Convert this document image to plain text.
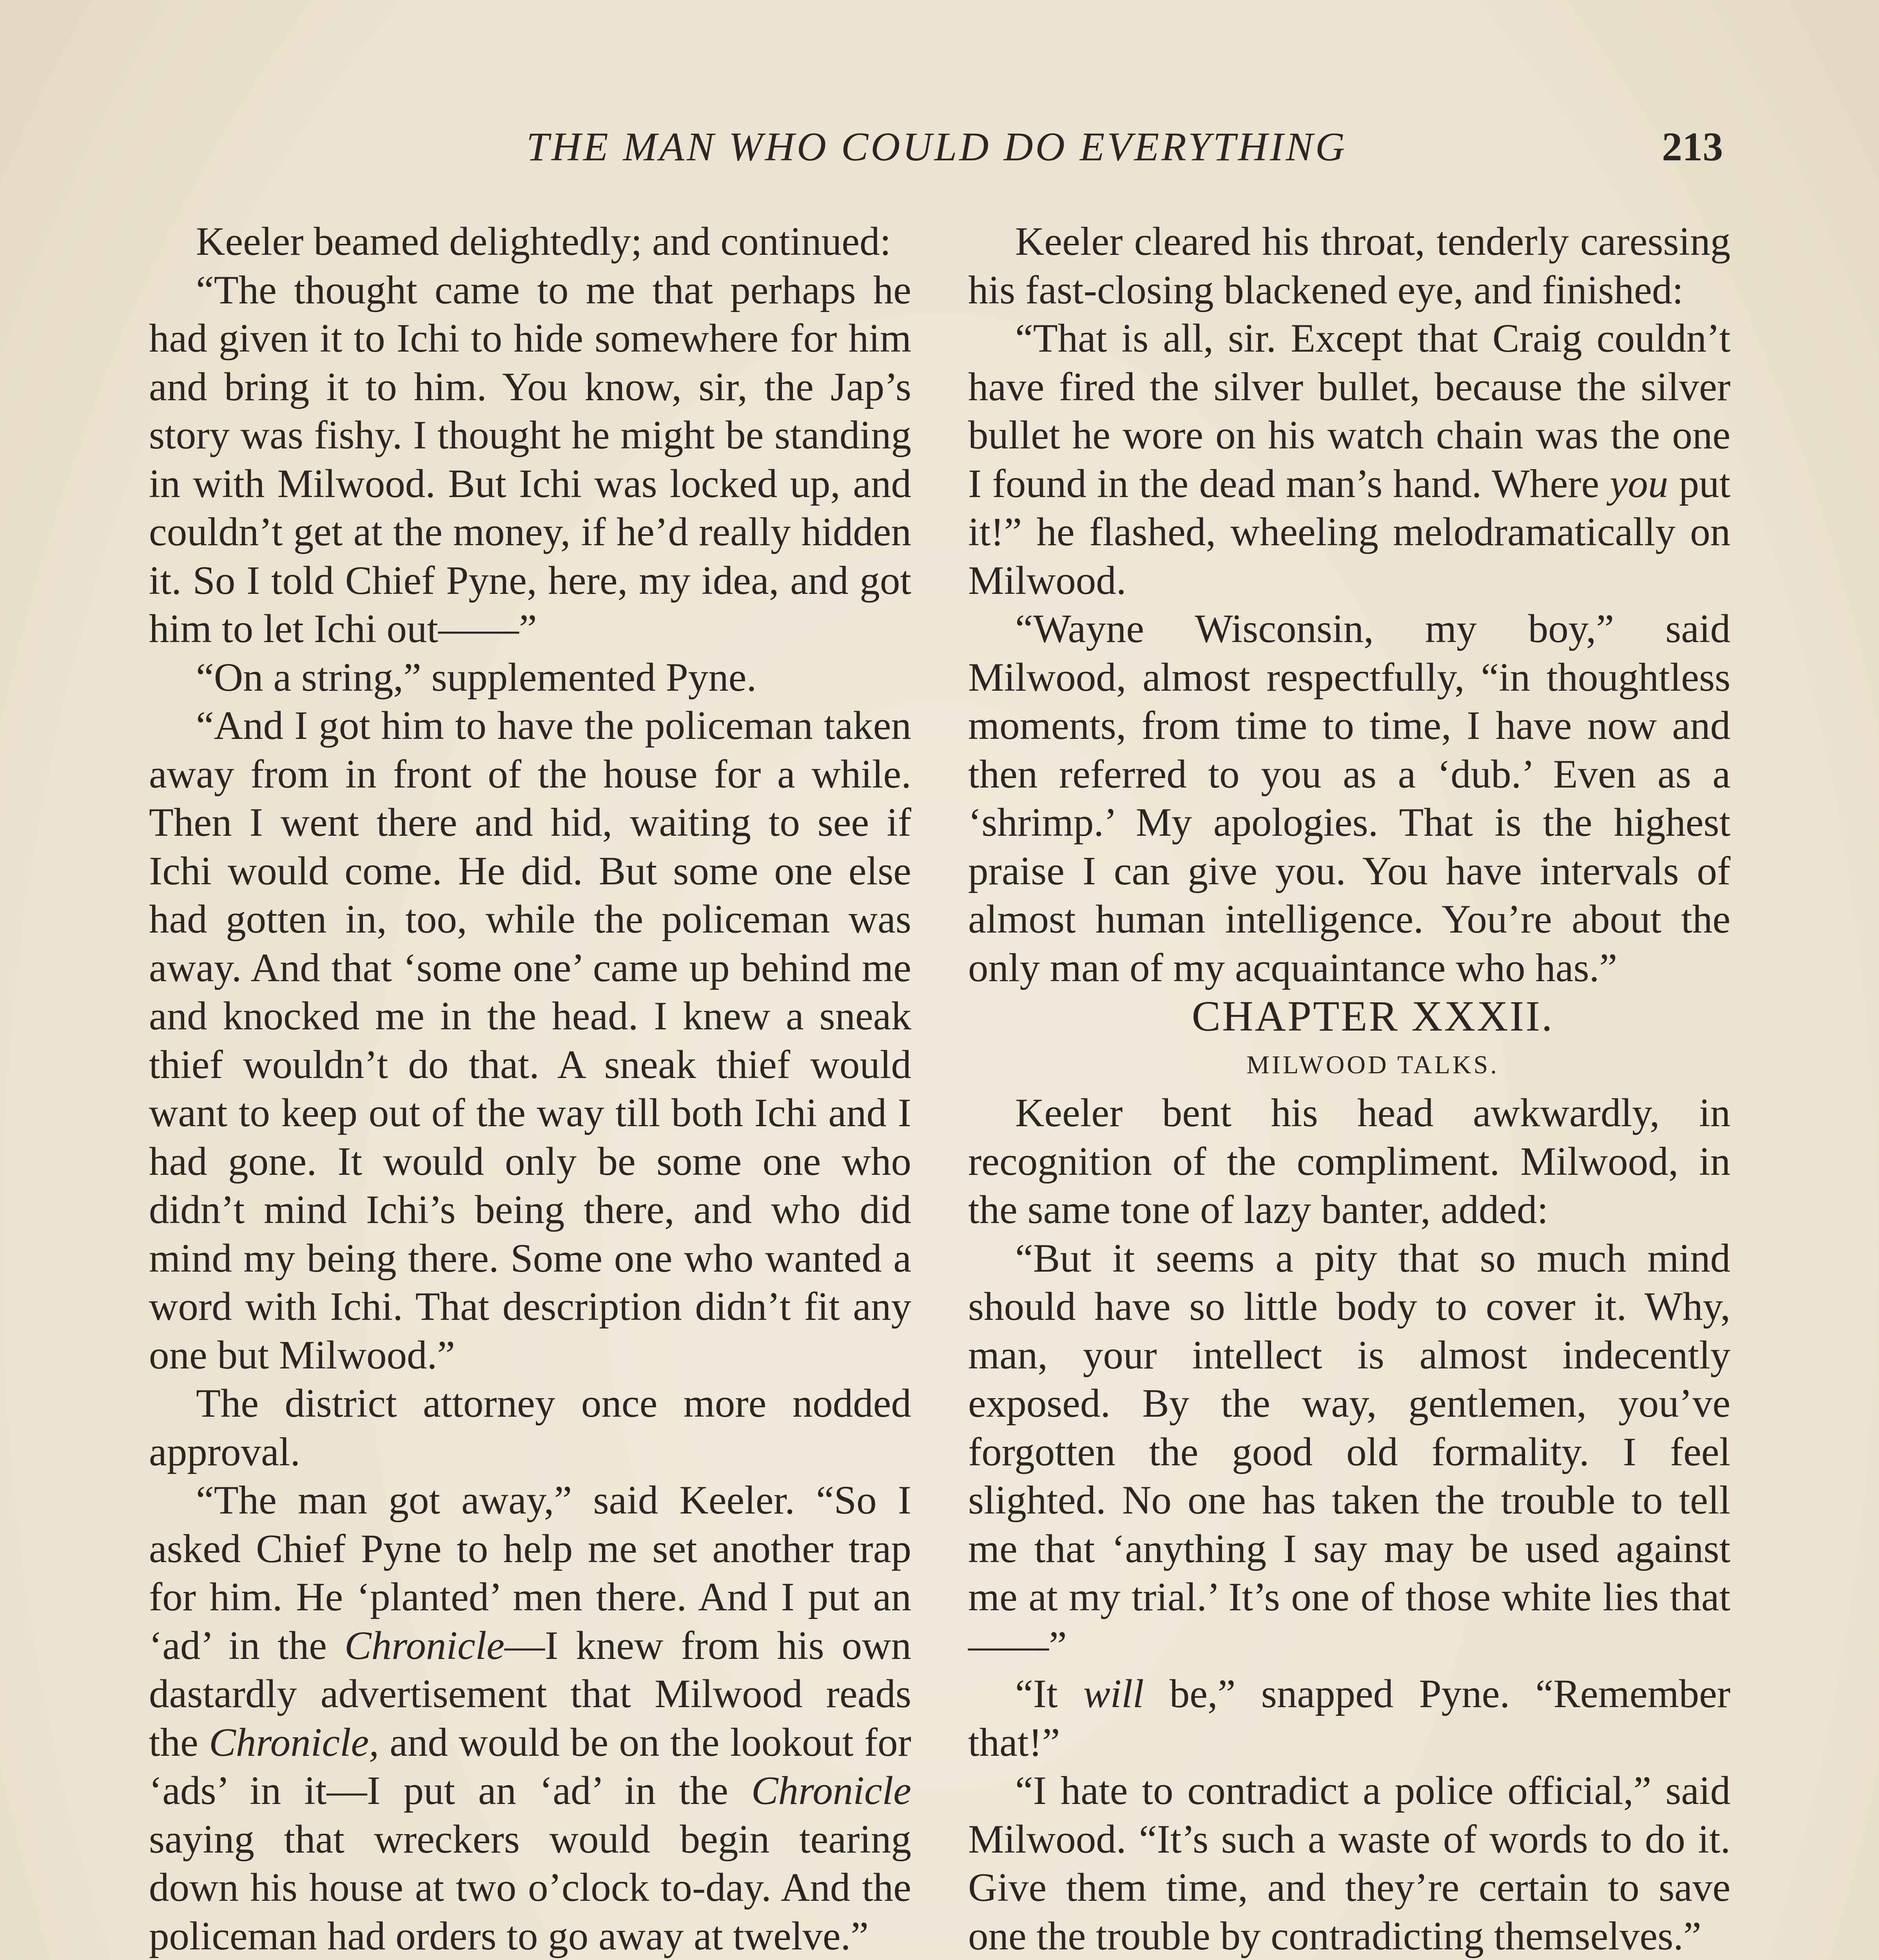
THE MAN WHO COULD DO EVERYTHING	213

Keeler beamed delightedly; and continued:

“The thought came to me that perhaps he had given it to Ichi to hide somewhere for him and bring it to him. You know, sir, the Jap’s story was fishy. I thought he might be standing in with Milwood. But Ichi was locked up, and couldn’t get at the money, if he’d really hidden it. So I told Chief Pyne, here, my idea, and got him to let Ichi out——”

“On a string,” supplemented Pyne.

“And I got him to have the policeman taken away from in front of the house for a while. Then I went there and hid, waiting to see if Ichi would come. He did. But some one else had gotten in, too, while the policeman was away. And that ‘some one’ came up behind me and knocked me in the head. I knew a sneak thief wouldn’t do that. A sneak thief would want to keep out of the way till both Ichi and I had gone. It would only be some one who didn’t mind Ichi’s being there, and who did mind my being there. Some one who wanted a word with Ichi. That description didn’t fit any one but Milwood.”

The district attorney once more nodded approval.

“The man got away,” said Keeler. “So I asked Chief Pyne to help me set another trap for him. He ‘planted’ men there. And I put an ‘ad’ in the Chronicle—I knew from his own dastardly advertisement that Milwood reads the Chronicle, and would be on the lookout for ‘ads’ in it—I put an ‘ad’ in the Chronicle saying that wreckers would begin tearing down his house at two o’clock to-day. And the policeman had orders to go away at twelve.”

Keeler cleared his throat, tenderly caressing his fast-closing blackened eye, and finished:

“That is all, sir. Except that Craig couldn’t have fired the silver bullet, because the silver bullet he wore on his watch chain was the one I found in the dead man’s hand. Where you put it!” he flashed, wheeling melodramatically on Milwood.

“Wayne Wisconsin, my boy,” said Milwood, almost respectfully, “in thoughtless moments, from time to time, I have now and then referred to you as a ‘dub.’ Even as a ‘shrimp.’ My apologies. That is the highest praise I can give you. You have intervals of almost human intelligence. You’re about the only man of my acquaintance who has.”

CHAPTER XXXII.

MILWOOD TALKS.

Keeler bent his head awkwardly, in recognition of the compliment. Milwood, in the same tone of lazy banter, added:

“But it seems a pity that so much mind should have so little body to cover it. Why, man, your intellect is almost indecently exposed. By the way, gentlemen, you’ve forgotten the good old formality. I feel slighted. No one has taken the trouble to tell me that ‘anything I say may be used against me at my trial.’ It’s one of those white lies that——”

“It will be,” snapped Pyne. “Remember that!”

“I hate to contradict a police official,” said Milwood. “It’s such a waste of words to do it. Give them time, and they’re certain to save one the trouble by contradicting themselves.”
